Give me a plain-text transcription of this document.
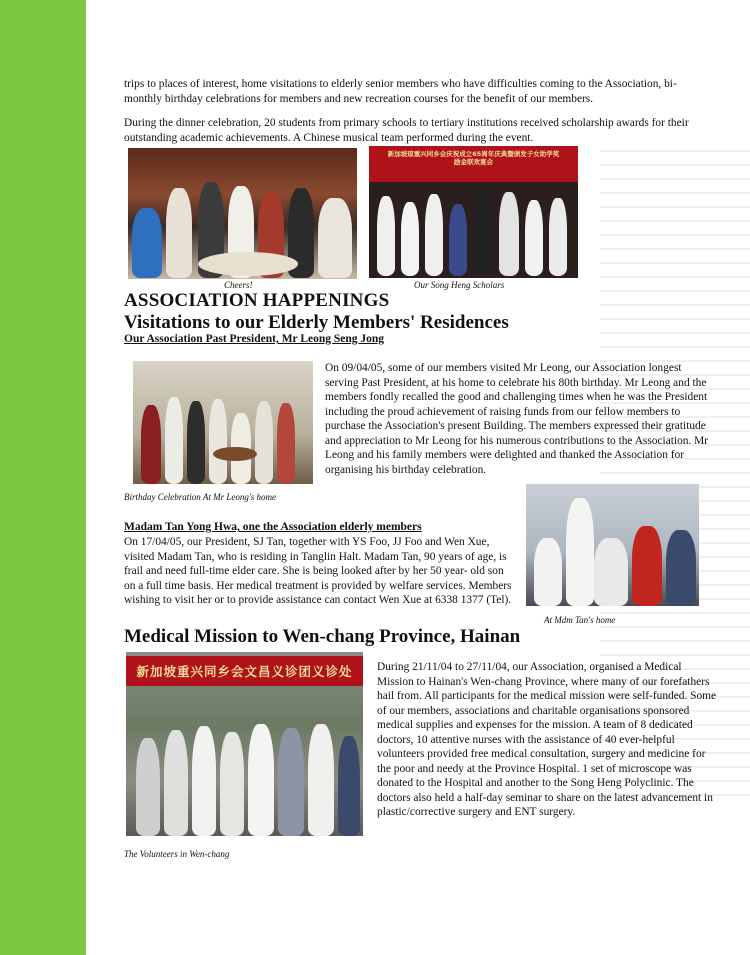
trips to places of interest, home visitations to elderly senior members who have difficulties coming to the Association, bi-monthly birthday celebrations for members and new recreation courses for the benefit of our members.

During the dinner celebration, 20 students from primary schools to tertiary institutions received scholarship awards for their outstanding academic achievements. A Chinese musical team performed during the event.

Cheers!
新加坡琼重兴同乡会庆祝成立65周年庆典暨颁发子女助学奖励金联欢宴会
Our Song Heng Scholars
ASSOCIATION HAPPENINGS
Visitations to our Elderly Members' Residences
Our Association Past President, Mr Leong Seng Jong
Birthday Celebration At Mr Leong's home

On 09/04/05, some of our members visited Mr Leong, our Association longest serving Past President, at his home to celebrate his 80th birthday. Mr Leong and the members fondly recalled the good and challenging times when he was the President including the proud achievement of raising funds from our fellow members to purchase the Association's present Building. The members expressed their gratitude and appreciation to Mr Leong for his numerous contributions to the Association. Mr Leong and his family members were delighted and thanked the Association for organising his birthday celebration.

Madam Tan Yong Hwa, one the Association elderly members

On 17/04/05, our President, SJ Tan, together with YS Foo, JJ Foo and Wen Xue, visited Madam Tan, who is residing in Tanglin Halt. Madam Tan, 90 years of age, is frail and need full-time elder care. She is being looked after by her 50 year- old son on a full time basis. Her medical treatment is provided by welfare services. Members wishing to visit her or to provide assistance can contact Wen Xue at 6338 1377 (Tel).

At Mdm Tan's home
Medical Mission to Wen-chang Province, Hainan
新加坡重兴同乡会文昌义诊团义诊处
The Volunteers in Wen-chang

During 21/11/04 to 27/11/04, our Association, organised a Medical Mission to Hainan's Wen-chang Province, where many of our forefathers hail from. All participants for the medical mission were self-funded. Some of our members, associations and charitable organisations sponsored medical supplies and expenses for the mission. A team of 8 dedicated doctors, 10 attentive nurses with the assistance of 40 ever-helpful volunteers provided free medical consultation, surgery and medicine for the poor and needy at the Province Hospital. 1 set of microscope was donated to the Hospital and another to the Song Heng Polyclinic. The doctors also held a half-day seminar to share on the latest advancement in plastic/corrective surgery and ENT surgery.
